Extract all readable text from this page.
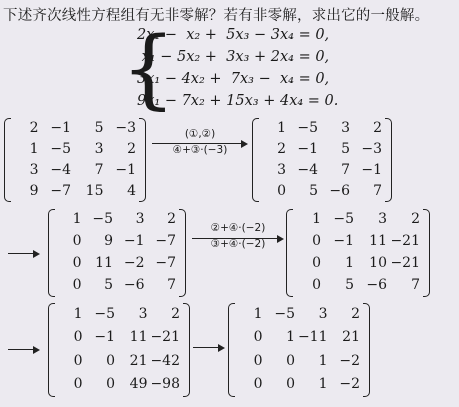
下述齐次线性方程组有无非零解？若有非零解，求出它的一般解。
{
2x₁ −  x₂ +  5x₃ − 3x₄ = 0,
x₁ − 5x₂ +  3x₃ + 2x₄ = 0,
3x₁ − 4x₂ +  7x₃ −  x₄ = 0,
9x₁ − 7x₂ + 15x₃ + 4x₄ = 0.
2 −1	5 −3
1 −5	3	2
3 −4	7 −1
9 −7	15	4
(①,②)
④+③·(−3)
1 −5	3	2
2 −1	5 −3
3 −4	7 −1
0	5 −6	7
1 −5	3	2
0	9 −1 −7
0 11 −2 −7
0	5 −6	7
②+④·(−2)
③+④·(−2)
1 −5	3	2
0 −1	11 −21
0	1	10 −21
0	5 −6	7
1 −5	3	2
0 −1	11 −21
0	0	21 −42
0	0	49 −98
1 −5	3	2
0	1 −11	21
0	0	1 −2
0	0	1 −2
